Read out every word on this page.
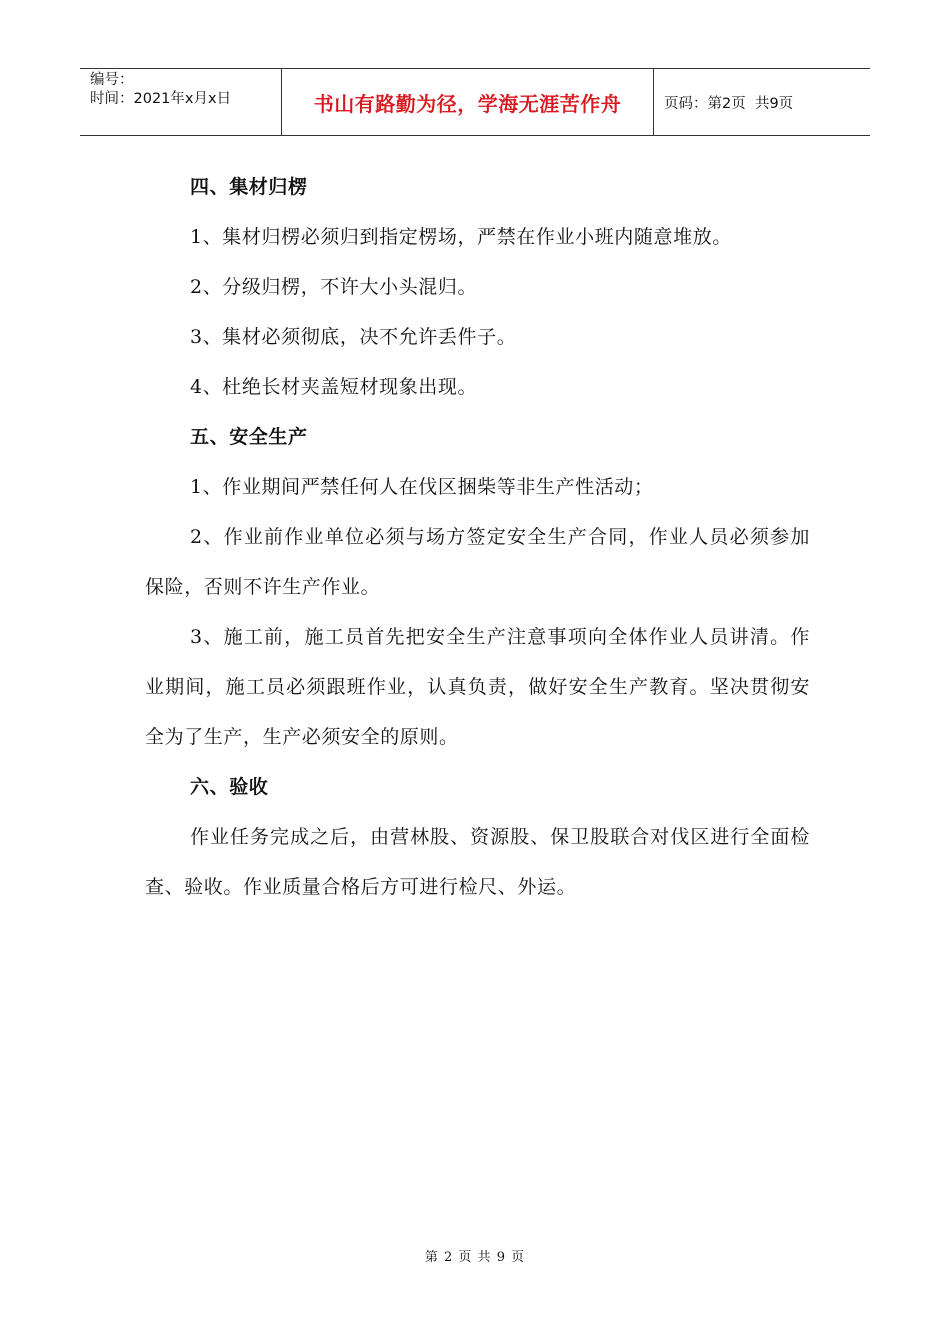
编号：
时间：2021年x月x日	书山有路勤为径，学海无涯苦作舟	页码：第2页  共9页

四、集材归楞

1、集材归楞必须归到指定楞场，严禁在作业小班内随意堆放。

2、分级归楞，不许大小头混归。

3、集材必须彻底，决不允许丢件子。

4、杜绝长材夹盖短材现象出现。

五、安全生产

1、作业期间严禁任何人在伐区捆柴等非生产性活动；

2、作业前作业单位必须与场方签定安全生产合同，作业人员必须参加保险，否则不许生产作业。

3、施工前，施工员首先把安全生产注意事项向全体作业人员讲清。作业期间，施工员必须跟班作业，认真负责，做好安全生产教育。坚决贯彻安全为了生产，生产必须安全的原则。

六、验收

作业任务完成之后，由营林股、资源股、保卫股联合对伐区进行全面检查、验收。作业质量合格后方可进行检尺、外运。

第 2 页 共 9 页
